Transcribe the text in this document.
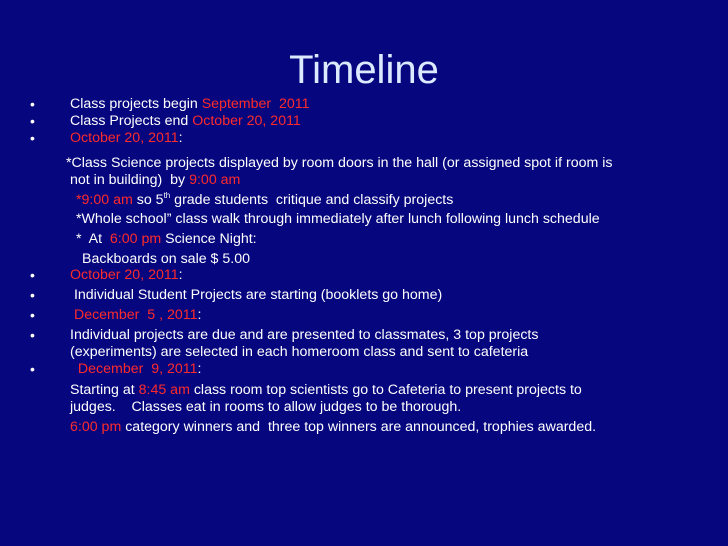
Timeline
• Class projects begin September  2011
• Class Projects end October 20, 2011
• October 20, 2011:
*Class Science projects displayed by room doors in the hall (or assigned spot if room is
not in building)  by 9:00 am
*9:00 am so 5th grade students  critique and classify projects
*Whole school” class walk through immediately after lunch following lunch schedule
*  At  6:00 pm Science Night:
Backboards on sale $ 5.00
• October 20, 2011:
• Individual Student Projects are starting (booklets go home)
• December  5 , 2011:
• Individual projects are due and are presented to classmates, 3 top projects
(experiments) are selected in each homeroom class and sent to cafeteria
• December  9, 2011:
Starting at 8:45 am class room top scientists go to Cafeteria to present projects to
judges.    Classes eat in rooms to allow judges to be thorough.
6:00 pm category winners and  three top winners are announced, trophies awarded.
